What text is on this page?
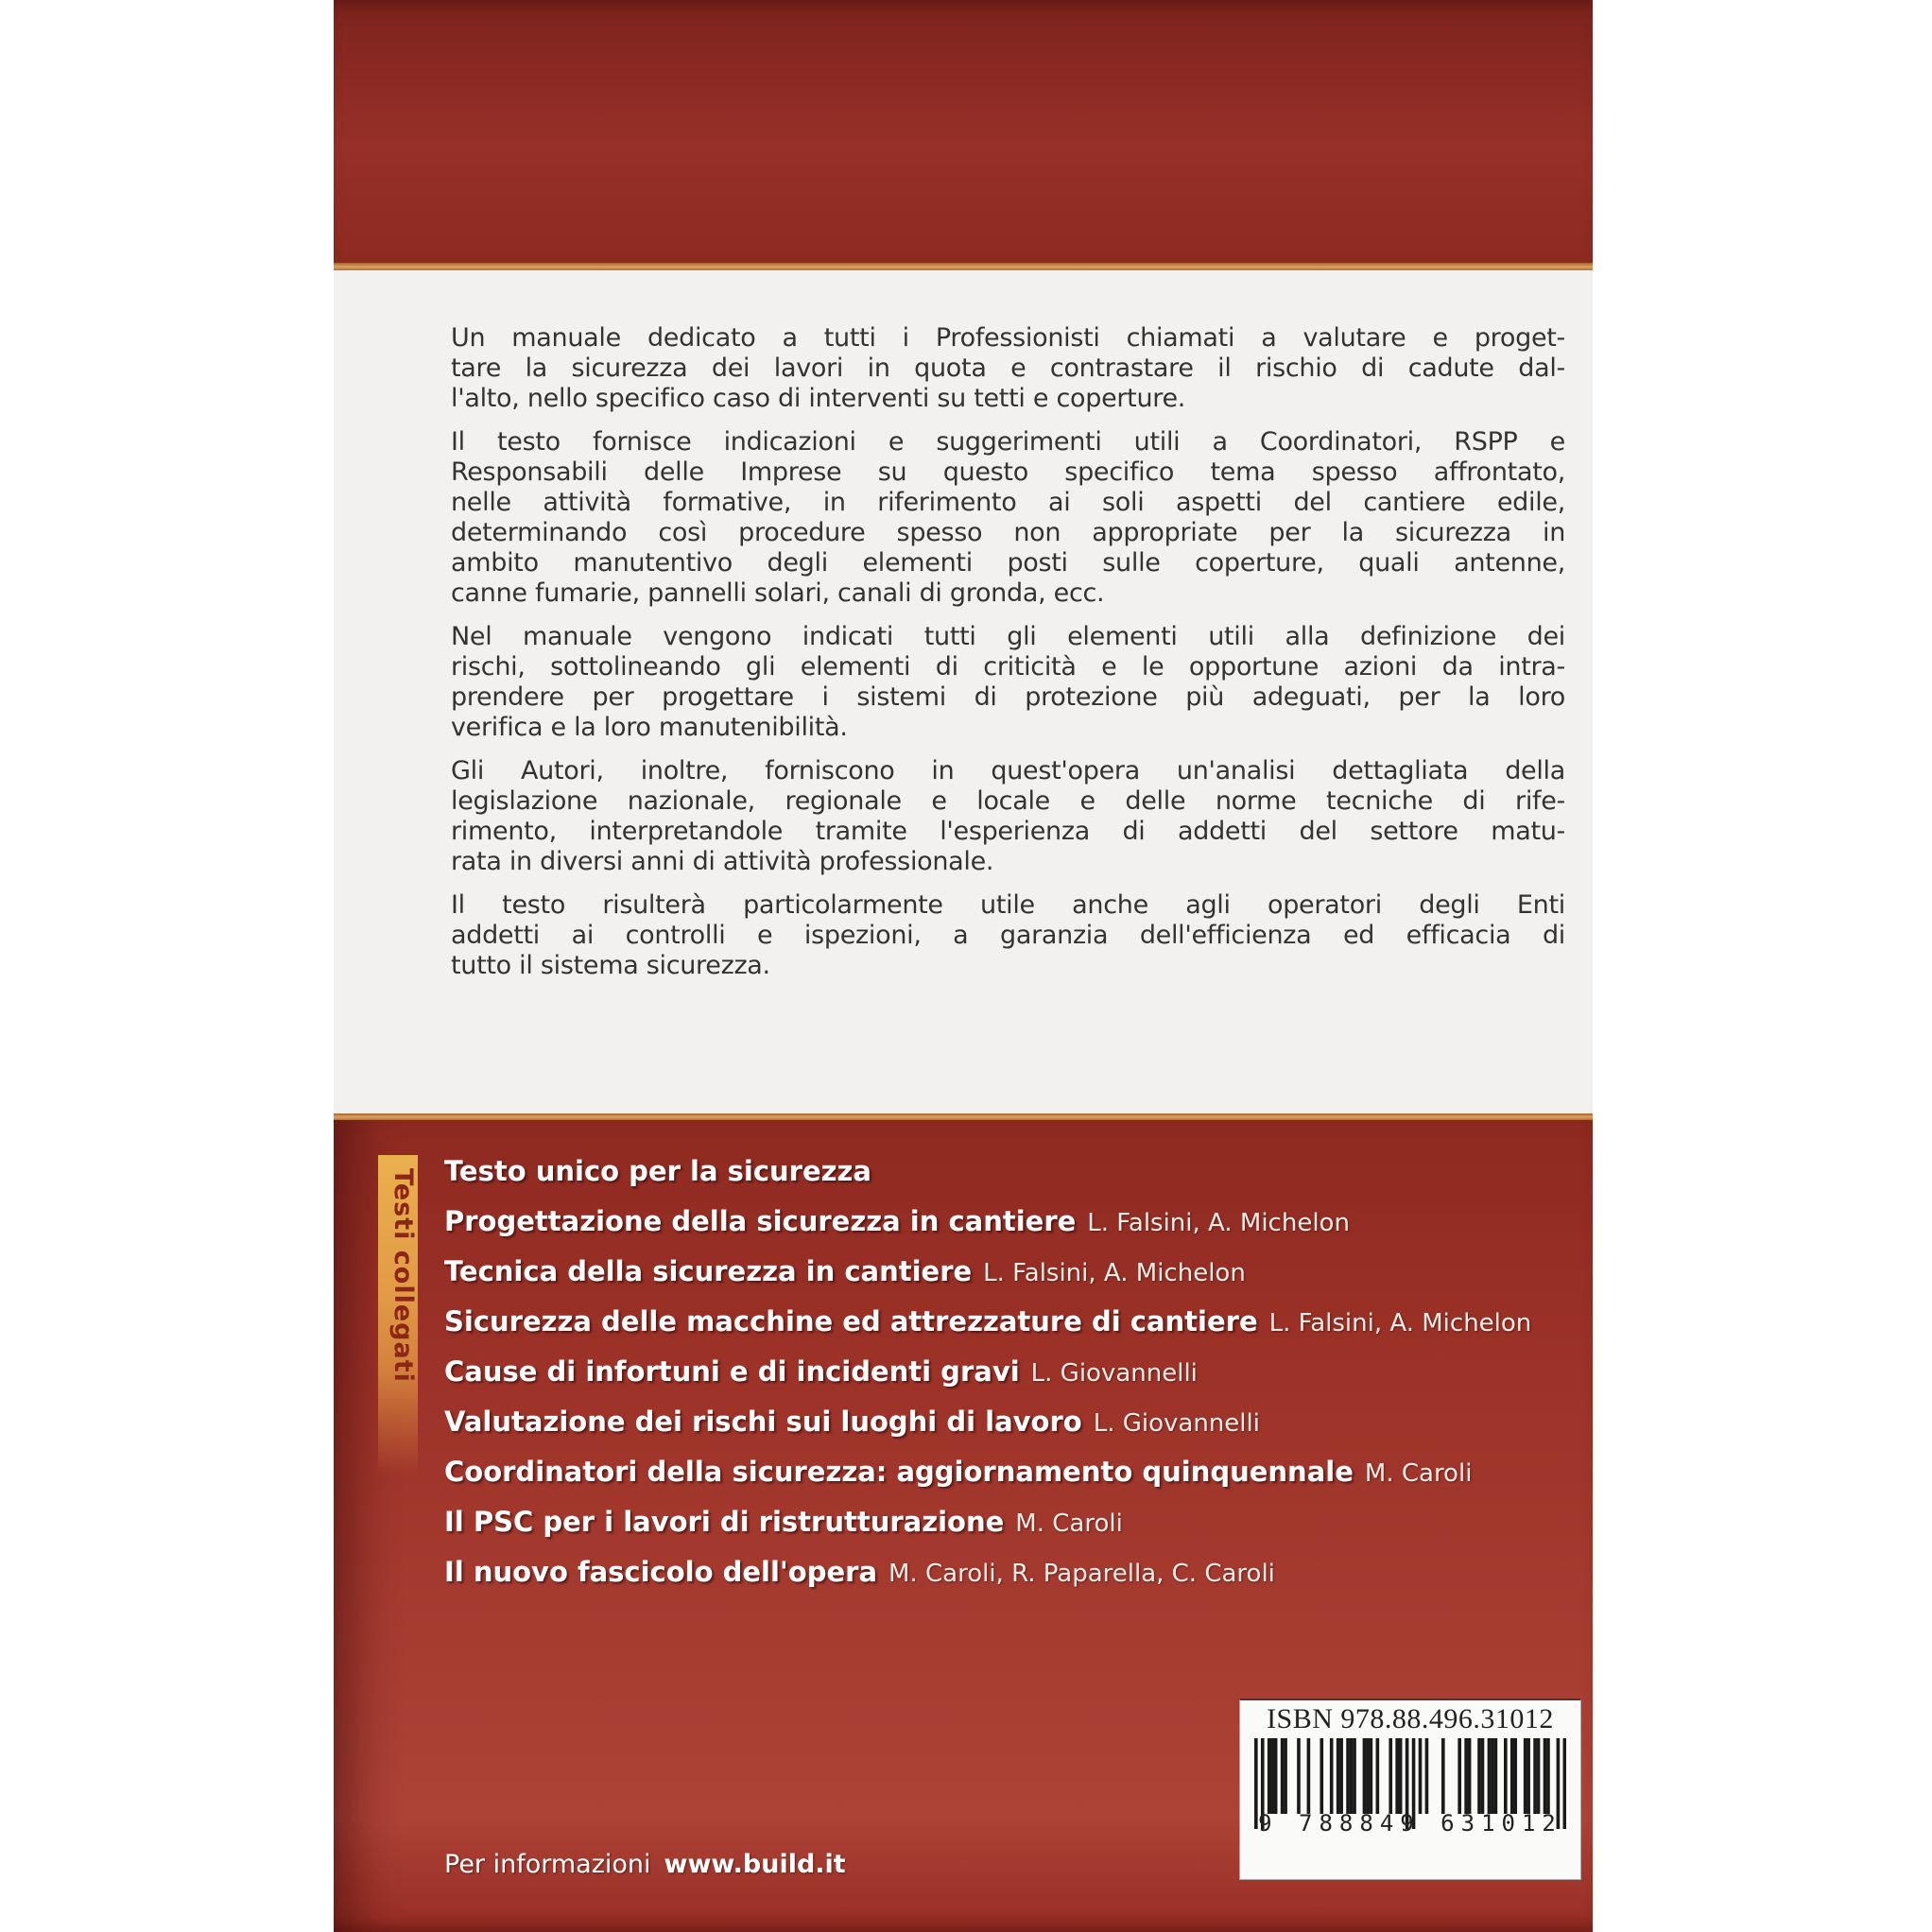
Un manuale dedicato a tutti i Professionisti chiamati a valutare e proget-
tare la sicurezza dei lavori in quota e contrastare il rischio di cadute dal-
l'alto, nello specifico caso di interventi su tetti e coperture.
Il testo fornisce indicazioni e suggerimenti utili a Coordinatori, RSPP e
Responsabili delle Imprese su questo specifico tema spesso affrontato,
nelle attività formative, in riferimento ai soli aspetti del cantiere edile,
determinando così procedure spesso non appropriate per la sicurezza in
ambito manutentivo degli elementi posti sulle coperture, quali antenne,
canne fumarie, pannelli solari, canali di gronda, ecc.
Nel manuale vengono indicati tutti gli elementi utili alla definizione dei
rischi, sottolineando gli elementi di criticità e le opportune azioni da intra-
prendere per progettare i sistemi di protezione più adeguati, per la loro
verifica e la loro manutenibilità.
Gli Autori, inoltre, forniscono in quest'opera un'analisi dettagliata della
legislazione nazionale, regionale e locale e delle norme tecniche di rife-
rimento, interpretandole tramite l'esperienza di addetti del settore matu-
rata in diversi anni di attività professionale.
Il testo risulterà particolarmente utile anche agli operatori degli Enti
addetti ai controlli e ispezioni, a garanzia dell'efficienza ed efficacia di
tutto il sistema sicurezza.
Testi collegati Testo unico per la sicurezza
Progettazione della sicurezza in cantiere L. Falsini, A. Michelon
Tecnica della sicurezza in cantiere L. Falsini, A. Michelon
Sicurezza delle macchine ed attrezzature di cantiere L. Falsini, A. Michelon
Cause di infortuni e di incidenti gravi L. Giovannelli
Valutazione dei rischi sui luoghi di lavoro L. Giovannelli
Coordinatori della sicurezza: aggiornamento quinquennale M. Caroli
Il PSC per i lavori di ristrutturazione M. Caroli
Il nuovo fascicolo dell'opera M. Caroli, R. Paparella, C. Caroli
Per informazioni www.build.it
ISBN 978.88.496.31012
9 788849 631012
